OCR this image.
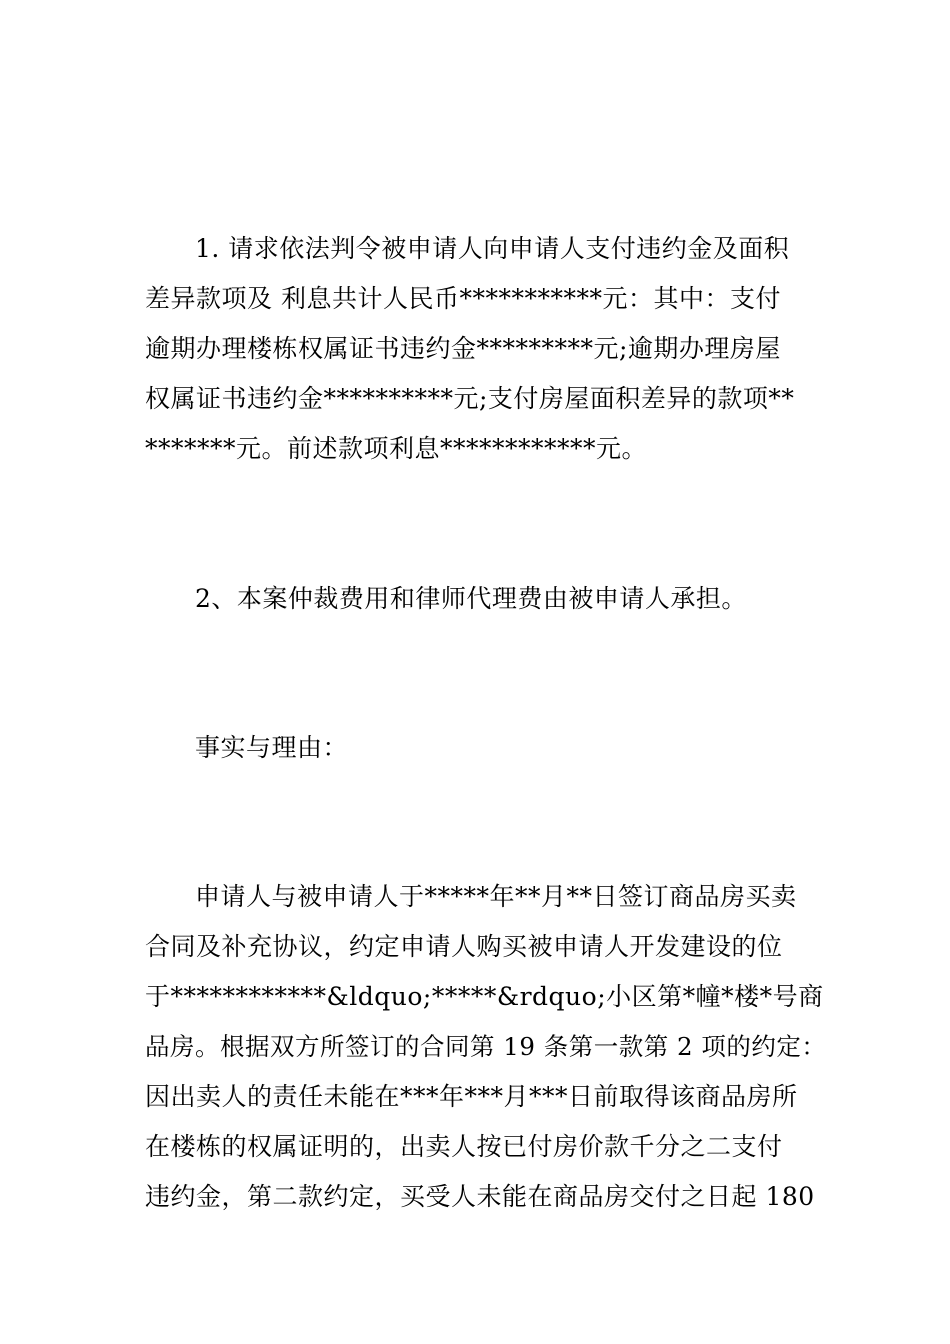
1. 请求依法判令被申请人向申请人支付违约金及面积
差异款项及 利息共计人民币***********元：其中：支付
逾期办理楼栋权属证书违约金*********元;逾期办理房屋
权属证书违约金**********元;支付房屋面积差异的款项**
*******元。前述款项利息************元。
2、本案仲裁费用和律师代理费由被申请人承担。
事实与理由：
申请人与被申请人于*****年**月**日签订商品房买卖
合同及补充协议，约定申请人购买被申请人开发建设的位
于************&ldquo;*****&rdquo;小区第*幢*楼*号商
品房。根据双方所签订的合同第 19 条第一款第 2 项的约定：
因出卖人的责任未能在***年***月***日前取得该商品房所
在楼栋的权属证明的，出卖人按已付房价款千分之二支付
违约金，第二款约定，买受人未能在商品房交付之日起 180
